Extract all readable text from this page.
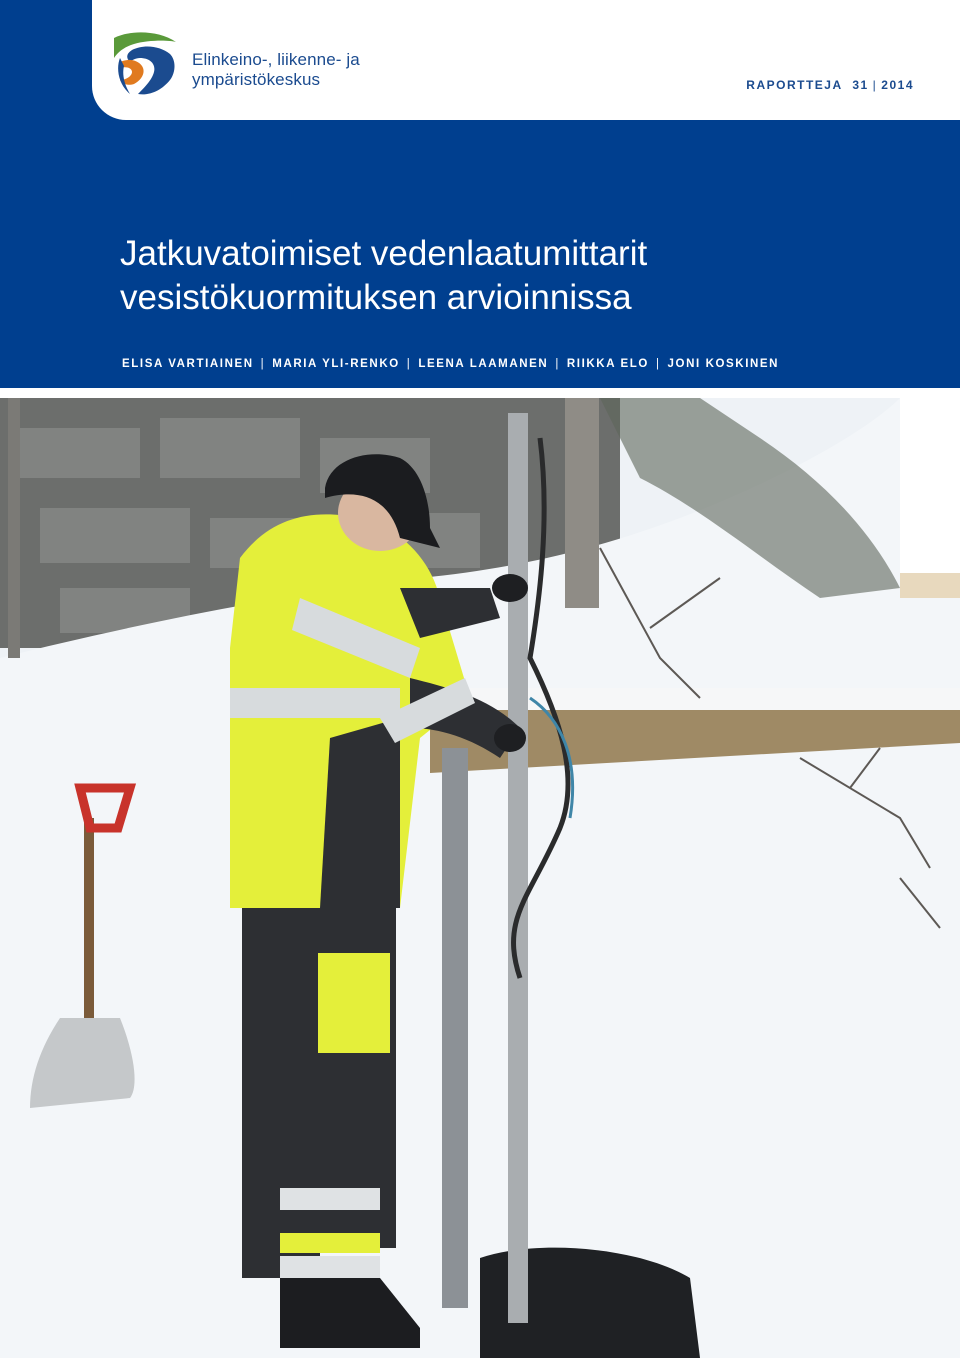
Elinkeino-, liikenne- ja
ympäristökeskus	RAPORTTEJA 31 | 2014
Jatkuvatoimiset vedenlaatumittarit
vesistökuormituksen arvioinnissa
ELISA VARTIAINEN | MARIA YLI-RENKO | LEENA LAAMANEN | RIIKKA ELO | JONI KOSKINEN
